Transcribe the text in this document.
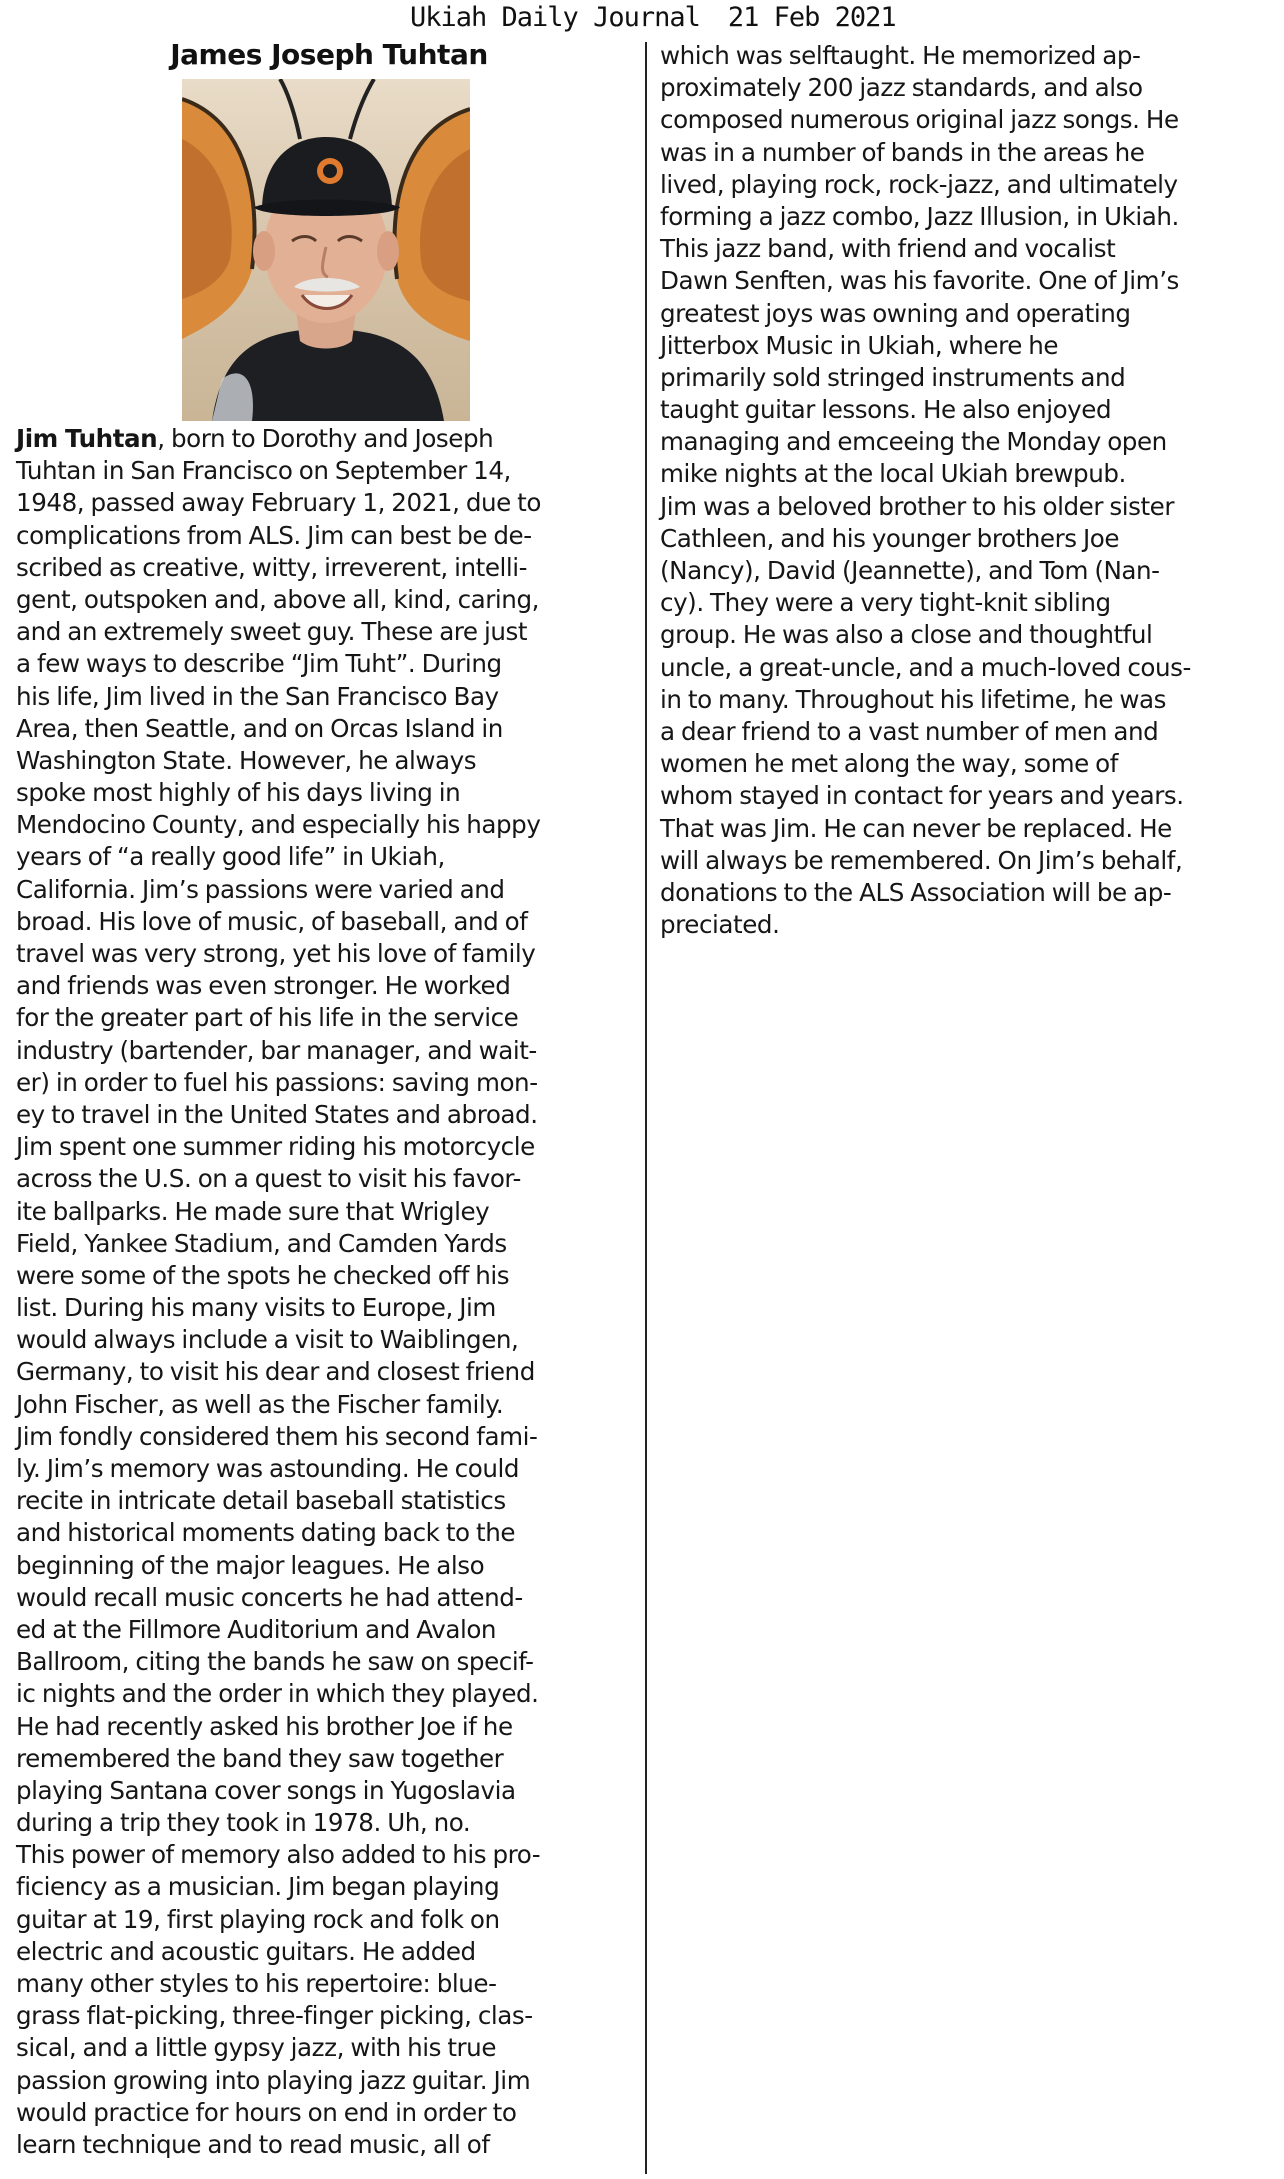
Ukiah Daily Journal 21 Feb 2021
James Joseph Tuhtan
Jim Tuhtan, born to Dorothy and Joseph
Tuhtan in San Francisco on September 14,
1948, passed away February 1, 2021, due to
complications from ALS. Jim can best be de-
scribed as creative, witty, irreverent, intelli-
gent, outspoken and, above all, kind, caring,
and an extremely sweet guy. These are just
a few ways to describe “Jim Tuht”. During
his life, Jim lived in the San Francisco Bay
Area, then Seattle, and on Orcas Island in
Washington State. However, he always
spoke most highly of his days living in
Mendocino County, and especially his happy
years of “a really good life” in Ukiah,
California. Jim’s passions were varied and
broad. His love of music, of baseball, and of
travel was very strong, yet his love of family
and friends was even stronger. He worked
for the greater part of his life in the service
industry (bartender, bar manager, and wait-
er) in order to fuel his passions: saving mon-
ey to travel in the United States and abroad.
Jim spent one summer riding his motorcycle
across the U.S. on a quest to visit his favor-
ite ballparks. He made sure that Wrigley
Field, Yankee Stadium, and Camden Yards
were some of the spots he checked off his
list. During his many visits to Europe, Jim
would always include a visit to Waiblingen,
Germany, to visit his dear and closest friend
John Fischer, as well as the Fischer family.
Jim fondly considered them his second fami-
ly. Jim’s memory was astounding. He could
recite in intricate detail baseball statistics
and historical moments dating back to the
beginning of the major leagues. He also
would recall music concerts he had attend-
ed at the Fillmore Auditorium and Avalon
Ballroom, citing the bands he saw on specif-
ic nights and the order in which they played.
He had recently asked his brother Joe if he
remembered the band they saw together
playing Santana cover songs in Yugoslavia
during a trip they took in 1978. Uh, no.
This power of memory also added to his pro-
ficiency as a musician. Jim began playing
guitar at 19, first playing rock and folk on
electric and acoustic guitars. He added
many other styles to his repertoire: blue-
grass flat-picking, three-finger picking, clas-
sical, and a little gypsy jazz, with his true
passion growing into playing jazz guitar. Jim
would practice for hours on end in order to
learn technique and to read music, all of
which was selftaught. He memorized ap-
proximately 200 jazz standards, and also
composed numerous original jazz songs. He
was in a number of bands in the areas he
lived, playing rock, rock-jazz, and ultimately
forming a jazz combo, Jazz Illusion, in Ukiah.
This jazz band, with friend and vocalist
Dawn Senften, was his favorite. One of Jim’s
greatest joys was owning and operating
Jitterbox Music in Ukiah, where he
primarily sold stringed instruments and
taught guitar lessons. He also enjoyed
managing and emceeing the Monday open
mike nights at the local Ukiah brewpub.
Jim was a beloved brother to his older sister
Cathleen, and his younger brothers Joe
(Nancy), David (Jeannette), and Tom (Nan-
cy). They were a very tight-knit sibling
group. He was also a close and thoughtful
uncle, a great-uncle, and a much-loved cous-
in to many. Throughout his lifetime, he was
a dear friend to a vast number of men and
women he met along the way, some of
whom stayed in contact for years and years.
That was Jim. He can never be replaced. He
will always be remembered. On Jim’s behalf,
donations to the ALS Association will be ap-
preciated.
